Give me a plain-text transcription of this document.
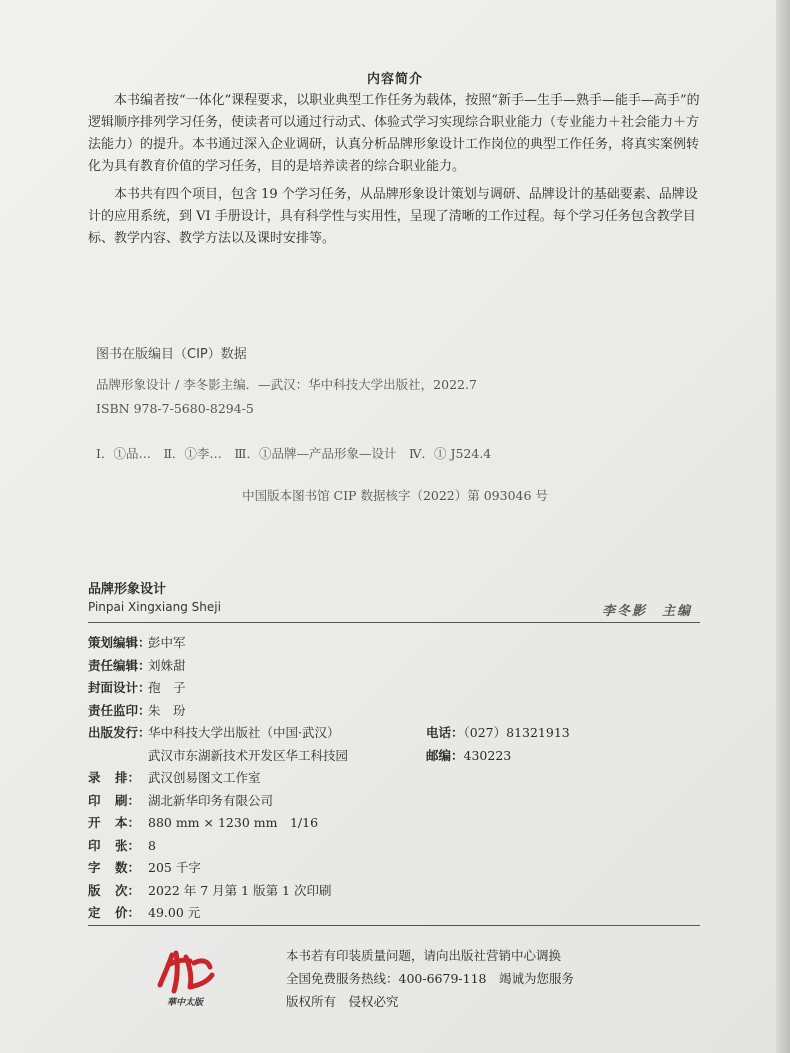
内容简介

本书编者按“一体化”课程要求，以职业典型工作任务为载体，按照“新手—生手—熟手—能手—高手”的逻辑顺序排列学习任务，使读者可以通过行动式、体验式学习实现综合职业能力（专业能力＋社会能力＋方法能力）的提升。本书通过深入企业调研，认真分析品牌形象设计工作岗位的典型工作任务，将真实案例转化为具有教育价值的学习任务，目的是培养读者的综合职业能力。

本书共有四个项目，包含 19 个学习任务，从品牌形象设计策划与调研、品牌设计的基础要素、品牌设计的应用系统，到 VI 手册设计，具有科学性与实用性，呈现了清晰的工作过程。每个学习任务包含教学目标、教学内容、教学方法以及课时安排等。

图书在版编目（CIP）数据
品牌形象设计 / 李冬影主编．—武汉：华中科技大学出版社，2022.7
ISBN 978-7-5680-8294-5
Ⅰ．①品…　Ⅱ．①李…　Ⅲ．①品牌—产品形象—设计　Ⅳ．① J524.4
中国版本图书馆 CIP 数据核字（2022）第 093046 号
品牌形象设计
Pinpai Xingxiang Sheji	李冬影　主编
策划编辑：
彭中军
责任编辑：
刘姝甜
封面设计：
孢　子
责任监印：
朱　玢
出版发行：
华中科技大学出版社（中国·武汉）	电话：（027）81321913
武汉市东湖新技术开发区华工科技园	邮编：430223
录 排： 武汉创易图文工作室
印 刷： 湖北新华印务有限公司
开 本： 880 mm × 1230 mm　1/16
印 张： 8
字 数： 205 千字
版 次： 2022 年 7 月第 1 版第 1 次印刷
定 价： 49.00 元
華中太版
本书若有印装质量问题，请向出版社营销中心调换
全国免费服务热线：400-6679-118　竭诚为您服务
版权所有　侵权必究
